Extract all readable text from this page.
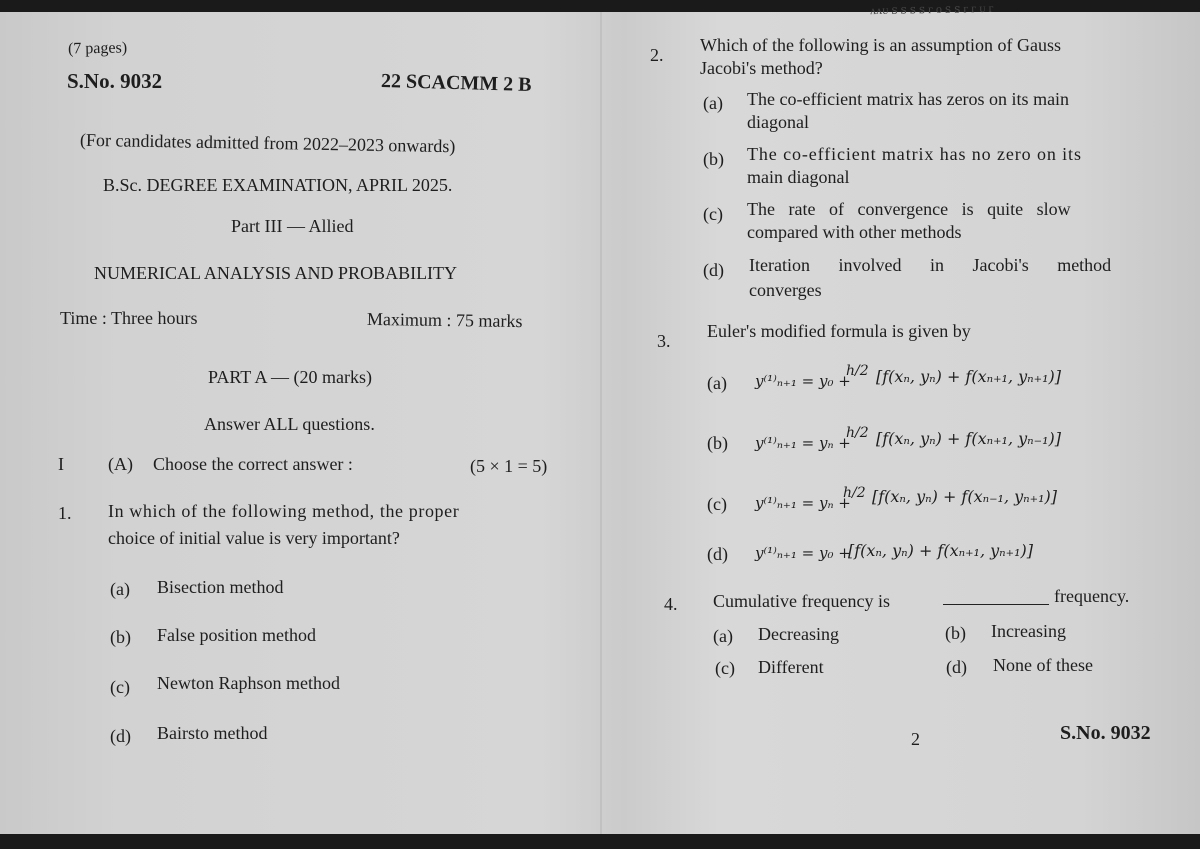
ᴧᴧᴜ ꜱ ꜱ ꜱ ꜱ ᴦ ᴏ ꜱ ꜱ ᴦ ᴦ ᴜ ᴦ
(7 pages)
S.No. 9032	22 SCACMM 2 B
(For candidates admitted from 2022–2023 onwards)
B.Sc. DEGREE EXAMINATION, APRIL 2025.
Part III — Allied
NUMERICAL ANALYSIS AND PROBABILITY
Time : Three hours	Maximum : 75 marks
PART A — (20 marks)
Answer ALL questions.
I (A) Choose the correct answer :	(5 × 1 = 5)
1. In which of the following method, the proper
choice of initial value is very important?
(a) Bisection method
(b) False position method
(c) Newton Raphson method
(d) Bairsto method
2. Which of the following is an assumption of Gauss
Jacobi's method?
(a) The co-efficient matrix has zeros on its main
diagonal
(b) The co-efficient matrix has no zero on its
main diagonal
(c) The rate of convergence is quite slow
compared with other methods
(d) Iteration involved in Jacobi's method
converges
3. Euler's modified formula is given by
(a) y⁽¹⁾ₙ₊₁ = y₀ +
h/2 [f(xₙ, yₙ) + f(xₙ₊₁, yₙ₊₁)]
(b) y⁽¹⁾ₙ₊₁ = yₙ +
h/2 [f(xₙ, yₙ) + f(xₙ₊₁, yₙ₋₁)]
(c) y⁽¹⁾ₙ₊₁ = yₙ +
h/2 [f(xₙ, yₙ) + f(xₙ₋₁, yₙ₊₁)]
(d) y⁽¹⁾ₙ₊₁ = y₀ +
[f(xₙ, yₙ) + f(xₙ₊₁, yₙ₊₁)]
4. Cumulative frequency is	frequency.
(a) Decreasing	(b) Increasing
(c) Different	(d) None of these
2	S.No. 9032
